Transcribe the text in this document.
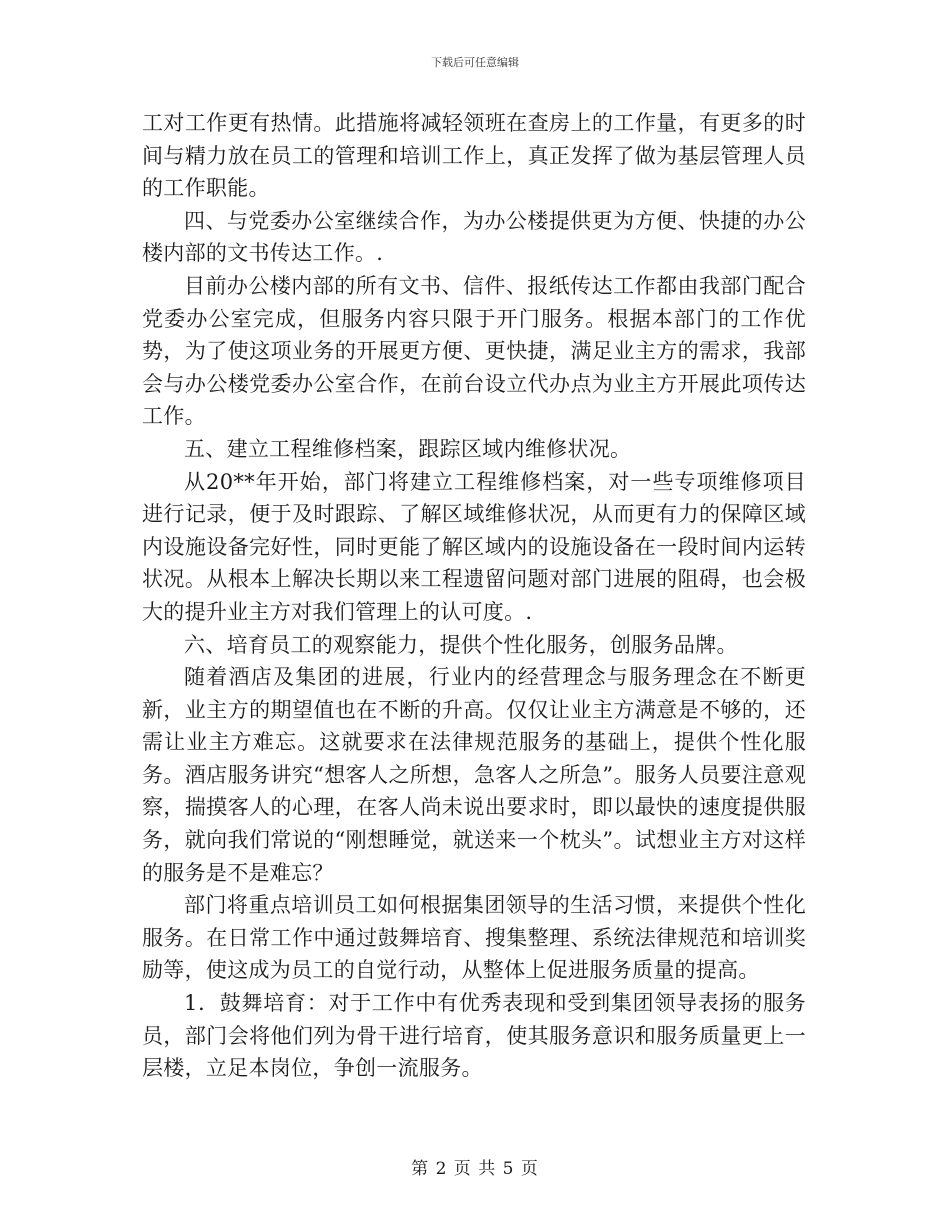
下载后可任意编辑

工对工作更有热情。此措施将减轻领班在查房上的工作量，有更多的时间与精力放在员工的管理和培训工作上，真正发挥了做为基层管理人员的工作职能。

四、与党委办公室继续合作，为办公楼提供更为方便、快捷的办公楼内部的文书传达工作。.

目前办公楼内部的所有文书、信件、报纸传达工作都由我部门配合党委办公室完成，但服务内容只限于开门服务。根据本部门的工作优势，为了使这项业务的开展更方便、更快捷，满足业主方的需求，我部会与办公楼党委办公室合作，在前台设立代办点为业主方开展此项传达工作。

五、建立工程维修档案，跟踪区域内维修状况。

从20**年开始，部门将建立工程维修档案，对一些专项维修项目进行记录，便于及时跟踪、了解区域维修状况，从而更有力的保障区域内设施设备完好性，同时更能了解区域内的设施设备在一段时间内运转状况。从根本上解决长期以来工程遗留问题对部门进展的阻碍，也会极大的提升业主方对我们管理上的认可度。.

六、培育员工的观察能力，提供个性化服务，创服务品牌。

随着酒店及集团的进展，行业内的经营理念与服务理念在不断更新，业主方的期望值也在不断的升高。仅仅让业主方满意是不够的，还需让业主方难忘。这就要求在法律规范服务的基础上，提供个性化服务。酒店服务讲究“想客人之所想，急客人之所急”。服务人员要注意观察，揣摸客人的心理，在客人尚未说出要求时，即以最快的速度提供服务，就向我们常说的“刚想睡觉，就送来一个枕头”。试想业主方对这样的服务是不是难忘？

部门将重点培训员工如何根据集团领导的生活习惯，来提供个性化服务。在日常工作中通过鼓舞培育、搜集整理、系统法律规范和培训奖励等，使这成为员工的自觉行动，从整体上促进服务质量的提高。

1．鼓舞培育：对于工作中有优秀表现和受到集团领导表扬的服务员，部门会将他们列为骨干进行培育，使其服务意识和服务质量更上一层楼，立足本岗位，争创一流服务。

第 2 页 共 5 页
